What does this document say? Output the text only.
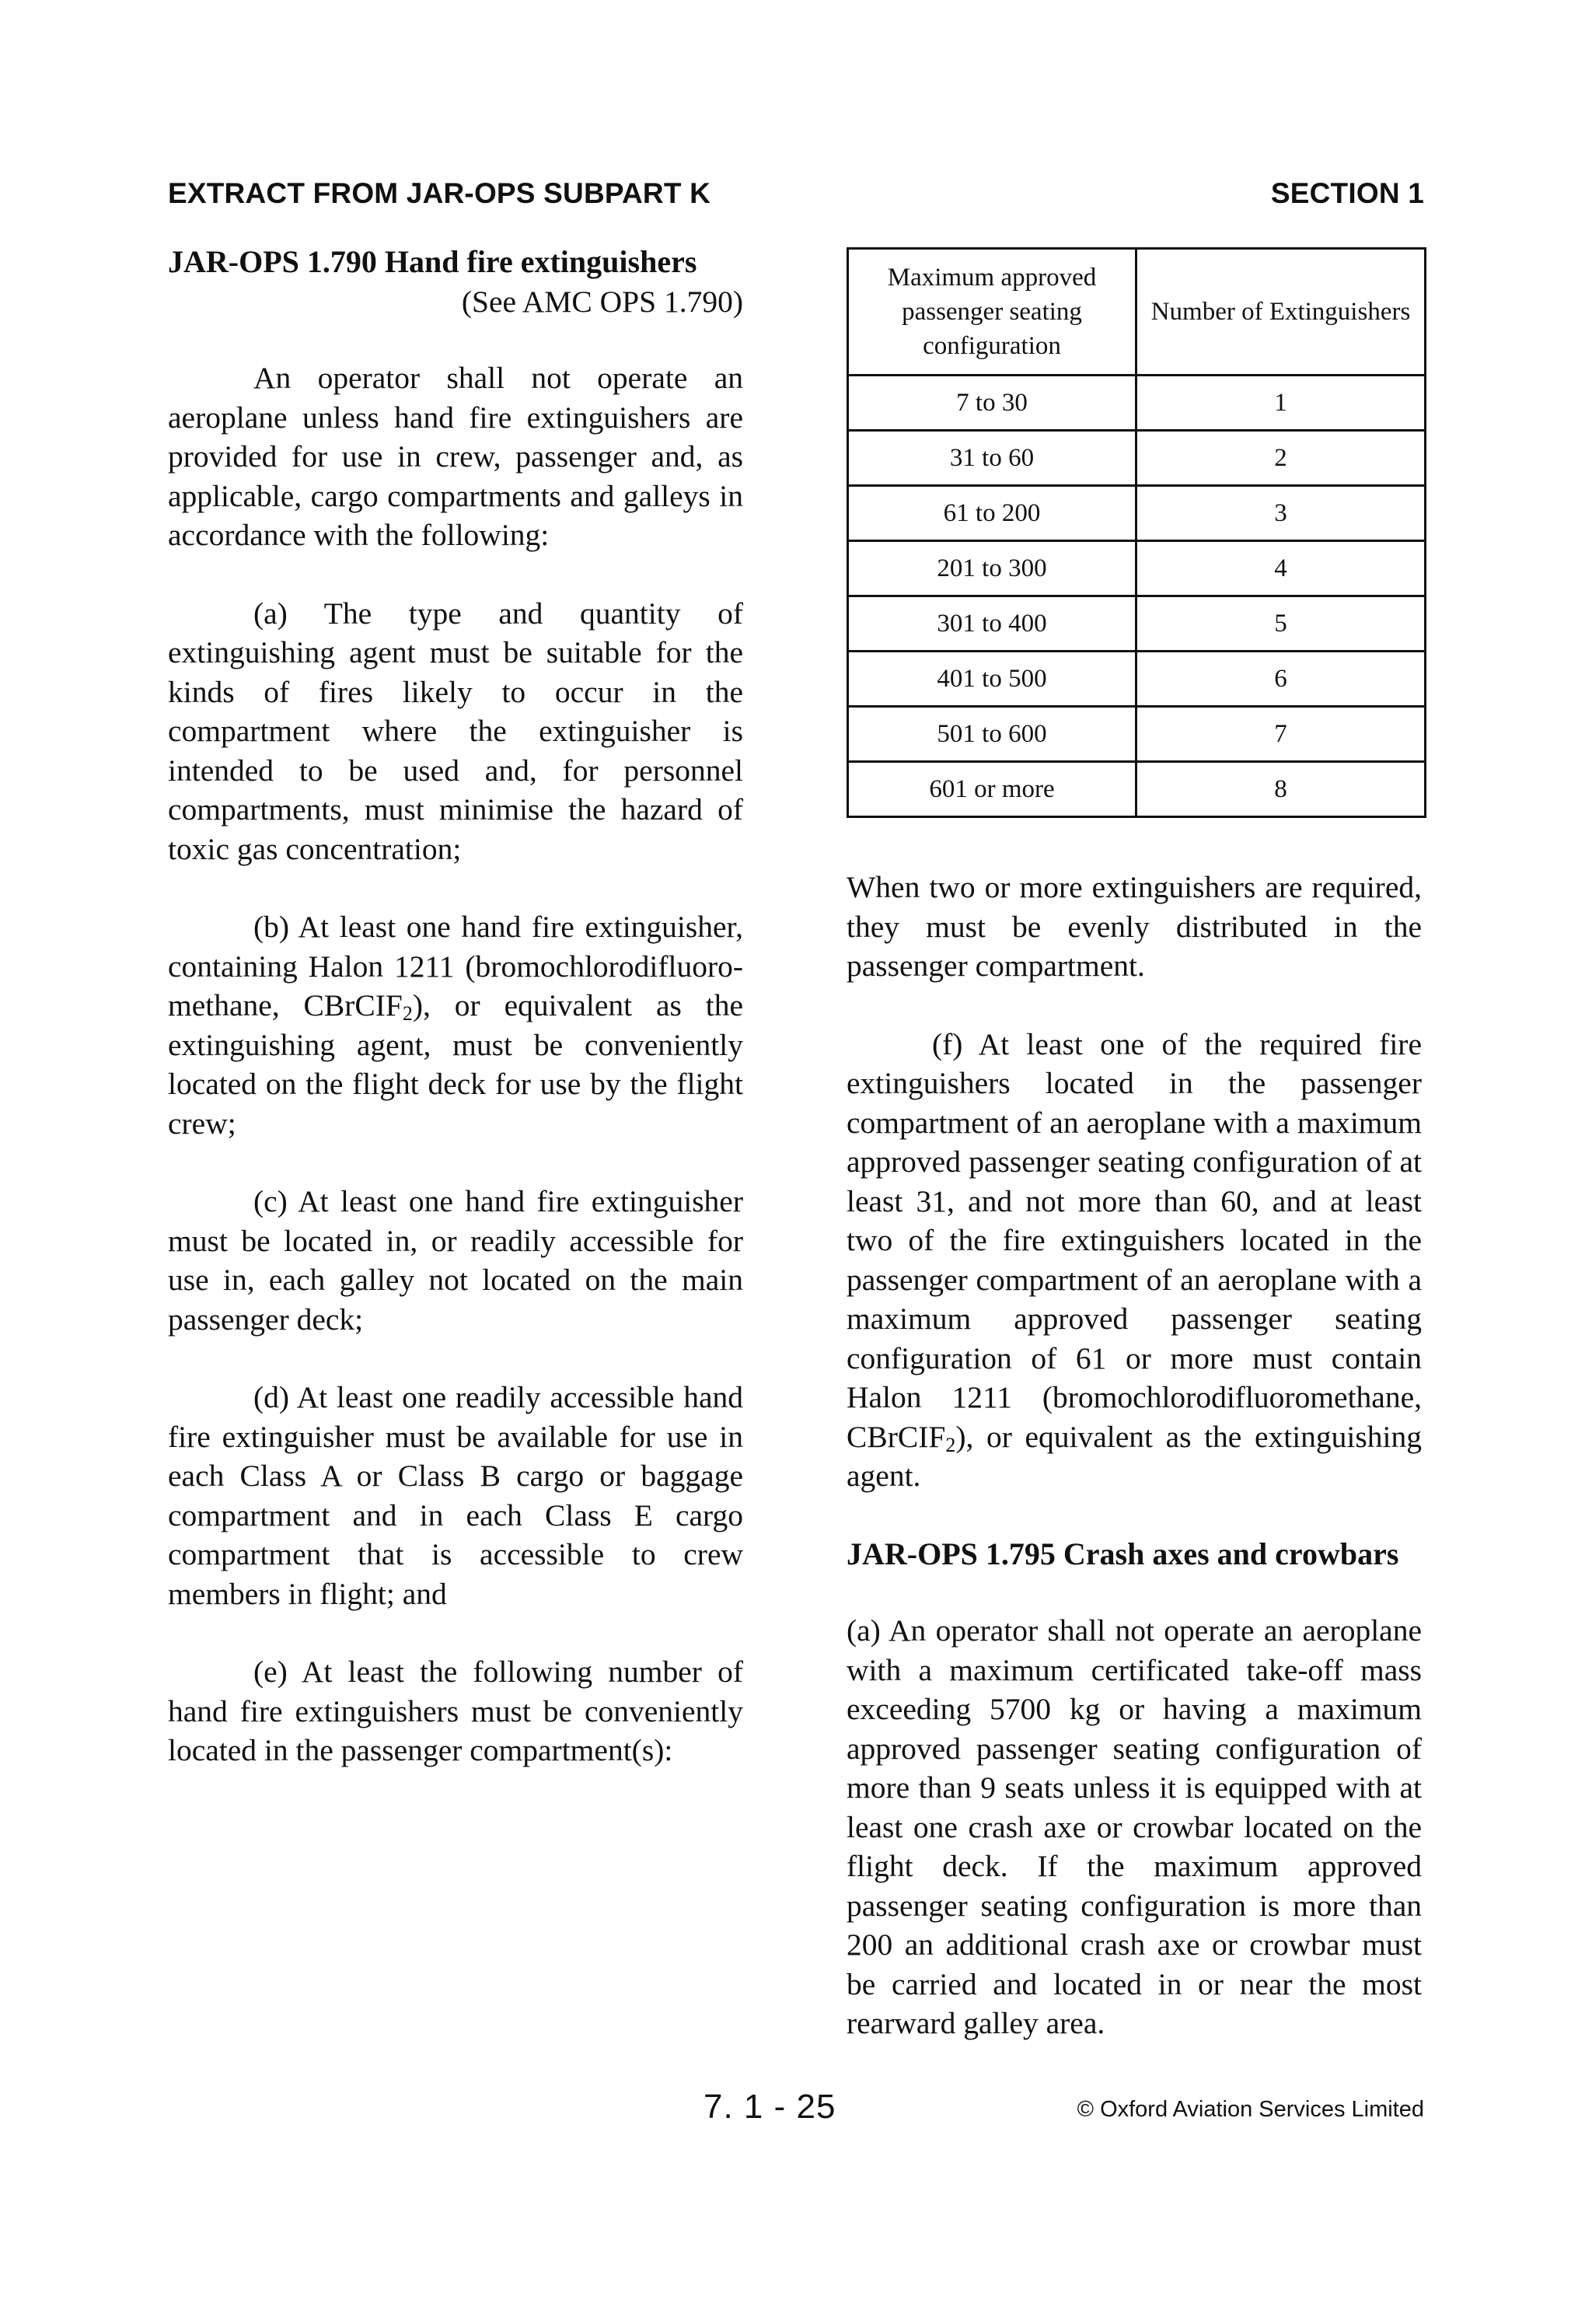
EXTRACT FROM JAR-OPS SUBPART K	SECTION 1

JAR-OPS 1.790 Hand fire extinguishers

(See AMC OPS 1.790)

An operator shall not operate an aeroplane unless hand fire extinguishers are provided for use in crew, passenger and, as applicable, cargo compartments and galleys in accordance with the following:

(a) The type and quantity of extinguishing agent must be suitable for the kinds of fires likely to occur in the compartment where the extinguisher is intended to be used and, for personnel compartments, must minimise the hazard of toxic gas concentration;

(b) At least one hand fire extinguisher, containing Halon 1211 (bromochlorodifluoro-methane, CBrCIF$_2$), or equivalent as the extinguishing agent, must be conveniently located on the flight deck for use by the flight crew;

(c) At least one hand fire extinguisher must be located in, or readily accessible for use in, each galley not located on the main passenger deck;

(d) At least one readily accessible hand fire extinguisher must be available for use in each Class A or Class B cargo or baggage compartment and in each Class E cargo compartment that is accessible to crew members in flight; and

(e) At least the following number of hand fire extinguishers must be conveniently located in the passenger compartment(s):

Maximum approved passenger seating configuration	Number of Extinguishers
7 to 30	1
31 to 60	2
61 to 200	3
201 to 300	4
301 to 400	5
401 to 500	6
501 to 600	7
601 or more	8

When two or more extinguishers are required, they must be evenly distributed in the passenger compartment.

(f) At least one of the required fire extinguishers located in the passenger compartment of an aeroplane with a maximum approved passenger seating configuration of at least 31, and not more than 60, and at least two of the fire extinguishers located in the passenger compartment of an aeroplane with a maximum approved passenger seating configuration of 61 or more must contain Halon 1211 (bromochlorodifluoromethane, CBrCIF$_2$), or equivalent as the extinguishing agent.

JAR-OPS 1.795 Crash axes and crowbars

(a) An operator shall not operate an aeroplane with a maximum certificated take-off mass exceeding 5700 kg or having a maximum approved passenger seating configuration of more than 9 seats unless it is equipped with at least one crash axe or crowbar located on the flight deck. If the maximum approved passenger seating configuration is more than 200 an additional crash axe or crowbar must be carried and located in or near the most rearward galley area.

7. 1 - 25	© Oxford Aviation Services Limited
